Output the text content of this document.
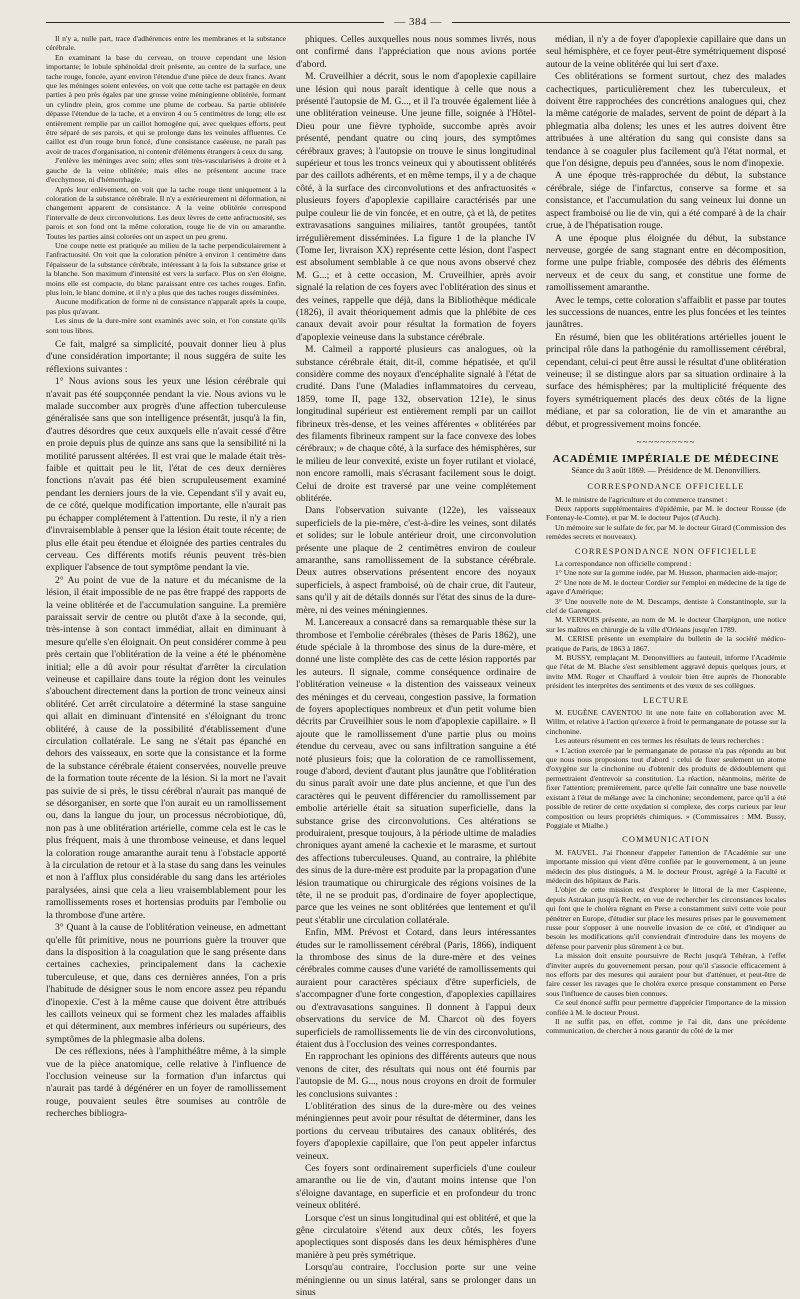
— 384 —

Il n'y a, nulle part, trace d'adhérences entre les membranes et la substance cérébrale.

En examinant la base du cerveau, on trouve cependant une lésion importante; le lobule sphénoïdal droit présente, au centre de la surface, une tache rouge, foncée, ayant environ l'étendue d'une pièce de deux francs. Avant que les méninges soient enlevées, on voit que cette tache est partagée en deux parties à peu près égales par une grosse veine méningienne oblitérée, formant un cylindre plein, gros comme une plume de corbeau. Sa partie oblitérée dépasse l'étendue de la tache, et a environ 4 ou 5 centimètres de long; elle est entièrement remplie par un caillot homogène qui, avec quelques efforts, peut être séparé de ses parois, et qui se prolonge dans les veinules affluentes. Ce caillot est d'un rouge brun foncé, d'une consistance caséeuse, ne paraît pas avoir de traces d'organisation, ni contenir d'éléments étrangers à ceux du sang.

J'enlève les méninges avec soin; elles sont très-vascularisées à droite et à gauche de la veine oblitérée; mais elles ne présentent aucune trace d'ecchymose, ni d'hémorrhagie.

Après leur enlèvement, on voit que la tache rouge tient uniquement à la coloration de la substance cérébrale. Il n'y a extérieurement ni déformation, ni changement apparent de consistance. A la veine oblitérée correspond l'intervalle de deux circonvolutions. Les deux lèvres de cette anfractuosité, ses parois et son fond ont la même coloration, rouge lie de vin ou amaranthe. Toutes les parties ainsi colorées ont un aspect un peu grenu.

Une coupe nette est pratiquée au milieu de la tache perpendiculairement à l'anfractuosité. On voit que la coloration pénètre à environ 1 centimètre dans l'épaisseur de la substance cérébrale, intéressant à la fois la substance grise et la blanche. Son maximum d'intensité est vers la surface. Plus on s'en éloigne, moins elle est compacte, du blanc paraissant entre ces taches rouges. Enfin, plus loin, le blanc domine, et il n'y a plus que des taches rouges disséminées.

Aucune modification de forme ni de consistance n'apparaît après la coupe, pas plus qu'avant.

Les sinus de la dure-mère sont examinés avec soin, et l'on constate qu'ils sont tous libres.

Ce fait, malgré sa simplicité, pouvait donner lieu à plus d'une considération importante; il nous suggéra de suite les réflexions suivantes :

1° Nous avions sous les yeux une lésion cérébrale qui n'avait pas été soupçonnée pendant la vie. Nous avions vu le malade succomber aux progrès d'une affection tuberculeuse généralisée sans que son intelligence présentât, jusqu'à la fin, d'autres désordres que ceux auxquels elle n'avait cessé d'être en proie depuis plus de quinze ans sans que la sensibilité ni la motilité parussent altérées. Il est vrai que le malade était très-faible et quittait peu le lit, l'état de ces deux dernières fonctions n'avait pas été bien scrupuleusement examiné pendant les derniers jours de la vie. Cependant s'il y avait eu, de ce côté, quelque modification importante, elle n'aurait pas pu échapper complétement à l'attention. Du reste, il n'y a rien d'invraisemblable à penser que la lésion était toute récente; de plus elle était peu étendue et éloignée des parties centrales du cerveau. Ces différents motifs réunis peuvent très-bien expliquer l'absence de tout symptôme pendant la vie.

2° Au point de vue de la nature et du mécanisme de la lésion, il était impossible de ne pas être frappé des rapports de la veine oblitérée et de l'accumulation sanguine. La première paraissait servir de centre ou plutôt d'axe à la seconde, qui, très-intense à son contact immédiat, allait en diminuant à mesure qu'elle s'en éloignait. On peut considérer comme à peu près certain que l'oblitération de la veine a été le phénomène initial; elle a dû avoir pour résultat d'arrêter la circulation veineuse et capillaire dans toute la région dont les veinules s'abouchent directement dans la portion de tronc veineux ainsi oblitéré. Cet arrêt circulatoire a déterminé la stase sanguine qui allait en diminuant d'intensité en s'éloignant du tronc oblitéré, à cause de la possibilité d'établissement d'une circulation collatérale. Le sang ne s'était pas épanché en dehors des vaisseaux, en sorte que la consistance et la forme de la substance cérébrale étaient conservées, nouvelle preuve de la formation toute récente de la lésion. Si la mort ne l'avait pas suivie de si près, le tissu cérébral n'aurait pas manqué de se désorganiser, en sorte que l'on aurait eu un ramollissement ou, dans la langue du jour, un processus nécrobiotique, dû, non pas à une oblitération artérielle, comme cela est le cas le plus fréquent, mais à une thrombose veineuse, et dans lequel la coloration rouge amaranthe aurait tenu à l'obstacle apporté à la circulation de retour et à la stase du sang dans les veinules et non à l'afflux plus considérable du sang dans les artérioles paralysées, ainsi que cela a lieu vraisemblablement pour les ramollissements roses et hortensias produits par l'embolie ou la thrombose d'une artère.

3° Quant à la cause de l'oblitération veineuse, en admettant qu'elle fût primitive, nous ne pourrions guère la trouver que dans la disposition à la coagulation que le sang présente dans certaines cachexies, principalement dans la cachexie tuberculeuse, et que, dans ces dernières années, l'on a pris l'habitude de désigner sous le nom encore assez peu répandu d'inopexie. C'est à la même cause que doivent être attribués les caillots veineux qui se forment chez les malades affaiblis et qui déterminent, aux membres inférieurs ou supérieurs, des symptômes de la phlegmasie alba dolens.

De ces réflexions, nées à l'amphithéâtre même, à la simple vue de la pièce anatomique, celle relative à l'influence de l'occlusion veineuse sur la formation d'un infarctus qui n'aurait pas tardé à dégénérer en un foyer de ramollissement rouge, pouvaient seules être soumises au contrôle de recherches bibliogra-

phiques. Celles auxquelles nous nous sommes livrés, nous ont confirmé dans l'appréciation que nous avions portée d'abord.

M. Cruveilhier a décrit, sous le nom d'apoplexie capillaire une lésion qui nous paraît identique à celle que nous a présenté l'autopsie de M. G..., et il l'a trouvée également liée à une oblitération veineuse. Une jeune fille, soignée à l'Hôtel-Dieu pour une fièvre typhoïde, succombe après avoir présenté, pendant quatre ou cinq jours, des symptômes cérébraux graves; à l'autopsie on trouve le sinus longitudinal supérieur et tous les troncs veineux qui y aboutissent oblitérés par des caillots adhérents, et en même temps, il y a de chaque côté, à la surface des circonvolutions et des anfractuosités « plusieurs foyers d'apoplexie capillaire caractérisés par une pulpe couleur lie de vin foncée, et en outre, çà et là, de petites extravasations sanguines miliaires, tantôt groupées, tantôt irrégulièrement disséminées. La figure 1 de la planche IV (Tome Ier, livraison XX) représente cette lésion, dont l'aspect est absolument semblable à ce que nous avons observé chez M. G...; et à cette occasion, M. Cruveilhier, après avoir signalé la relation de ces foyers avec l'oblitération des sinus et des veines, rappelle que déjà, dans la Bibliothèque médicale (1826), il avait théoriquement admis que la phlébite de ces canaux devait avoir pour résultat la formation de foyers d'apoplexie veineuse dans la substance cérébrale.

M. Calmeil a rapporté plusieurs cas analogues, où la substance cérébrale était, dit-il, comme hépatisée, et qu'il considère comme des noyaux d'encéphalite signalé à l'état de crudité. Dans l'une (Maladies inflammatoires du cerveau, 1859, tome II, page 132, observation 121e), le sinus longitudinal supérieur est entièrement rempli par un caillot fibrineux très-dense, et les veines afférentes « oblitérées par des filaments fibrineux rampent sur la face convexe des lobes cérébraux; » de chaque côté, à la surface des hémisphères, sur le milieu de leur convexité, existe un foyer rutilant et violacé, non encore ramolli, mais s'écrasant facilement sous le doigt. Celui de droite est traversé par une veine complétement oblitérée.

Dans l'observation suivante (122e), les vaisseaux superficiels de la pie-mère, c'est-à-dire les veines, sont dilatés et solides; sur le lobule antérieur droit, une circonvolution présente une plaque de 2 centimètres environ de couleur amaranthe, sans ramollissement de la substance cérébrale. Deux autres observations présentent encore des noyaux superficiels, à aspect framboisé, où de chair crue, dit l'auteur, sans qu'il y ait de détails donnés sur l'état des sinus de la dure-mère, ni des veines méningiennes.

M. Lancereaux a consacré dans sa remarquable thèse sur la thrombose et l'embolie cérébrales (thèses de Paris 1862), une étude spéciale à la thrombose des sinus de la dure-mère, et donné une liste complète des cas de cette lésion rapportés par les auteurs. Il signale, comme conséquence ordinaire de l'oblitération veineuse « la distention des vaisseaux veineux des méninges et du cerveau, congestion passive, la formation de foyers apoplectiques nombreux et d'un petit volume bien décrits par Cruveilhier sous le nom d'apoplexie capillaire. » Il ajoute que le ramollissement d'une partie plus ou moins étendue du cerveau, avec ou sans infiltration sanguine a été noté plusieurs fois; que la coloration de ce ramollissement, rouge d'abord, devient d'autant plus jaunâtre que l'oblitération du sinus paraît avoir une date plus ancienne, et que l'un des caractères qui le peuvent différencier du ramollissement par embolie artérielle était sa situation superficielle, dans la substance grise des circonvolutions. Ces altérations se produiraient, presque toujours, à la période ultime de maladies chroniques ayant amené la cachexie et le marasme, et surtout des affections tuberculeuses. Quand, au contraire, la phlébite des sinus de la dure-mère est produite par la propagation d'une lésion traumatique ou chirurgicale des régions voisines de la tête, il ne se produit pas, d'ordinaire de foyer apoplectique, parce que les veines ne sont oblitérées que lentement et qu'il peut s'établir une circulation collatérale.

Enfin, MM. Prévost et Cotard, dans leurs intéressantes études sur le ramollissement cérébral (Paris, 1866), indiquent la thrombose des sinus de la dure-mère et des veines cérébrales comme causes d'une variété de ramollissements qui auraient pour caractères spéciaux d'être superficiels, de s'accompagner d'une forte congestion, d'apoplexies capillaires ou d'extravasations sanguines. Il donnent à l'appui deux observations du service de M. Charcot où des foyers superficiels de ramollissements lie de vin des circonvolutions, étaient dus à l'occlusion des veines correspondantes.

En rapprochant les opinions des différents auteurs que nous venons de citer, des résultats qui nous ont été fournis par l'autopsie de M. G..., nous nous croyons en droit de formuler les conclusions suivantes :

L'oblitération des sinus de la dure-mère ou des veines méningiennes peut avoir pour résultat de déterminer, dans les portions du cerveau tributaires des canaux oblitérés, des foyers d'apoplexie capillaire, que l'on peut appeler infarctus veineux.

Ces foyers sont ordinairement superficiels d'une couleur amaranthe ou lie de vin, d'autant moins intense que l'on s'éloigne davantage, en superficie et en profondeur du tronc veineux oblitéré.

Lorsque c'est un sinus longitudinal qui est oblitéré, et que la gêne circulatoire s'étend aux deux côtés, les foyers apoplectiques sont disposés dans les deux hémisphères d'une manière à peu près symétrique.

Lorsqu'au contraire, l'occlusion porte sur une veine méningienne ou un sinus latéral, sans se prolonger dans un sinus

médian, il n'y a de foyer d'apoplexie capillaire que dans un seul hémisphère, et ce foyer peut-être symétriquement disposé autour de la veine oblitérée qui lui sert d'axe.

Ces oblitérations se forment surtout, chez des malades cachectiques, particulièrement chez les tuberculeux, et doivent être rapprochées des concrétions analogues qui, chez la même catégorie de malades, servent de point de départ à la phlegmatia alba dolens; les unes et les autres doivent être attribuées à une altération du sang qui consiste dans sa tendance à se coaguler plus facilement qu'à l'état normal, et que l'on désigne, depuis peu d'années, sous le nom d'inopexie.

A une époque très-rapprochée du début, la substance cérébrale, siége de l'infarctus, conserve sa forme et sa consistance, et l'accumulation du sang veineux lui donne un aspect framboisé ou lie de vin, qui a été comparé à de la chair crue, à de l'hépatisation rouge.

A une époque plus éloignée du début, la substance nerveuse, gorgée de sang stagnant entre en décomposition, forme une pulpe friable, composée des débris des éléments nerveux et de ceux du sang, et constitue une forme de ramollissement amaranthe.

Avec le temps, cette coloration s'affaiblit et passe par toutes les successions de nuances, entre les plus foncées et les teintes jaunâtres.

En résumé, bien que les oblitérations artérielles jouent le principal rôle dans la pathogénie du ramollissement cérébral, cependant, celui-ci peut être aussi le résultat d'une oblitération veineuse; il se distingue alors par sa situation ordinaire à la surface des hémisphères; par la multiplicité fréquente des foyers symétriquement placés des deux côtés de la ligne médiane, et par sa coloration, lie de vin et amaranthe au début, et progressivement moins foncée.

~~~~~~~~~~
ACADÉMIE IMPÉRIALE DE MÉDECINE
Séance du 3 août 1869. — Présidence de M. Denonvilliers.
CORRESPONDANCE OFFICIELLE

M. le ministre de l'agriculture et du commerce transmet :

Deux rapports supplémentaires d'épidémie, par M. le docteur Rousse (de Fontenay-le-Comte), et par M. le docteur Pujos (d'Auch).

Un mémoire sur le sulfate de fer, par M. le docteur Girard (Commission des remèdes secrets et nouveaux).

CORRESPONDANCE NON OFFICIELLE

La correspondance non officielle comprend :

1° Une note sur la gomme iodée, par M. Husson, pharmacien aide-major;

2° Une note de M. le docteur Cordier sur l'emploi en médecine de la tige de agave d'Amérique;

3° Une nouvelle note de M. Descamps, dentiste à Constantinople, sur la clef de Garengeot.

M. VERNOIS présente, au nom de M. le docteur Charpignon, une notice sur les maîtres en chirurgie de la ville d'Orléans jusqu'en 1789.

M. CERISE présente un exemplaire du bulletin de la société médico-pratique de Paris, de 1863 à 1867.

M. BUSSY, remplaçant M. Denonvilliers au fauteuil, informe l'Académie que l'état de M. Blache s'est sensiblement aggravé depuis quelques jours, et invite MM. Roger et Chauffard à vouloir bien être auprès de l'honorable président les interprètes des sentiments et des vœux de ses collègues.

LECTURE

M. EUGÈNE CAVENTOU lit une note faite en collaboration avec M. Willm, et relative à l'action qu'exerce à froid le permanganate de potasse sur la cinchonine.

Les auteurs résument en ces termes les résultats de leurs recherches :

« L'action exercée par le permanganate de potasse n'a pas répondu au but que nous nous proposions tout d'abord : celui de fixer seulement un atome d'oxygène sur la cinchonine ou d'obtenir des produits de dédoublement qui permettraient d'entrevoir sa constitution. La réaction, néanmoins, mérite de fixer l'attention; premièrement, parce qu'elle fait connaître une base nouvelle existant à l'état de mélange avec la cinchonine; secondement, parce qu'il a été possible de retirer de cette oxydation si complexe, des corps curieux par leur composition ou leurs propriétés chimiques. » (Commissaires : MM. Bussy, Poggiale et Mialhe.)

COMMUNICATION

M. FAUVEL. J'ai l'honneur d'appeler l'attention de l'Académie sur une importante mission qui vient d'être confiée par le gouvernement, à un jeune médecin des plus distingués, à M. le docteur Proust, agrégé à la Faculté et médecin des hôpitaux de Paris.

L'objet de cette mission est d'explorer le littoral de la mer Caspienne, depuis Astrakan jusqu'à Recht, en vue de rechercher les circonstances locales qui font que le choléra régnant en Perse a constamment suivi cette voie pour pénétrer en Europe, d'étudier sur place les mesures prises par le gouvernement russe pour s'opposer à une nouvelle invasion de ce côté, et d'indiquer au besoin les modifications qu'il conviendrait d'introduire dans les moyens de défense pour parvenir plus sûrement à ce but.

La mission doit ensuite poursuivre de Recht jusqu'à Téhéran, à l'effet d'inviter auprès du gouvernement persan, pour qu'il s'associe efficacement à nos efforts par des mesures qui auraient pour but d'atténuer, et peut-être de faire cesser les ravages que le choléra exerce presque constamment en Perse sous l'influence de causes bien connues.

Ce seul énoncé suffit pour permettre d'apprécier l'importance de la mission confiée à M. le docteur Proust.

Il ne suffit pas, en effet, comme je l'ai dit, dans une précédente communication, de chercher à nous garantir du côté de la mer
